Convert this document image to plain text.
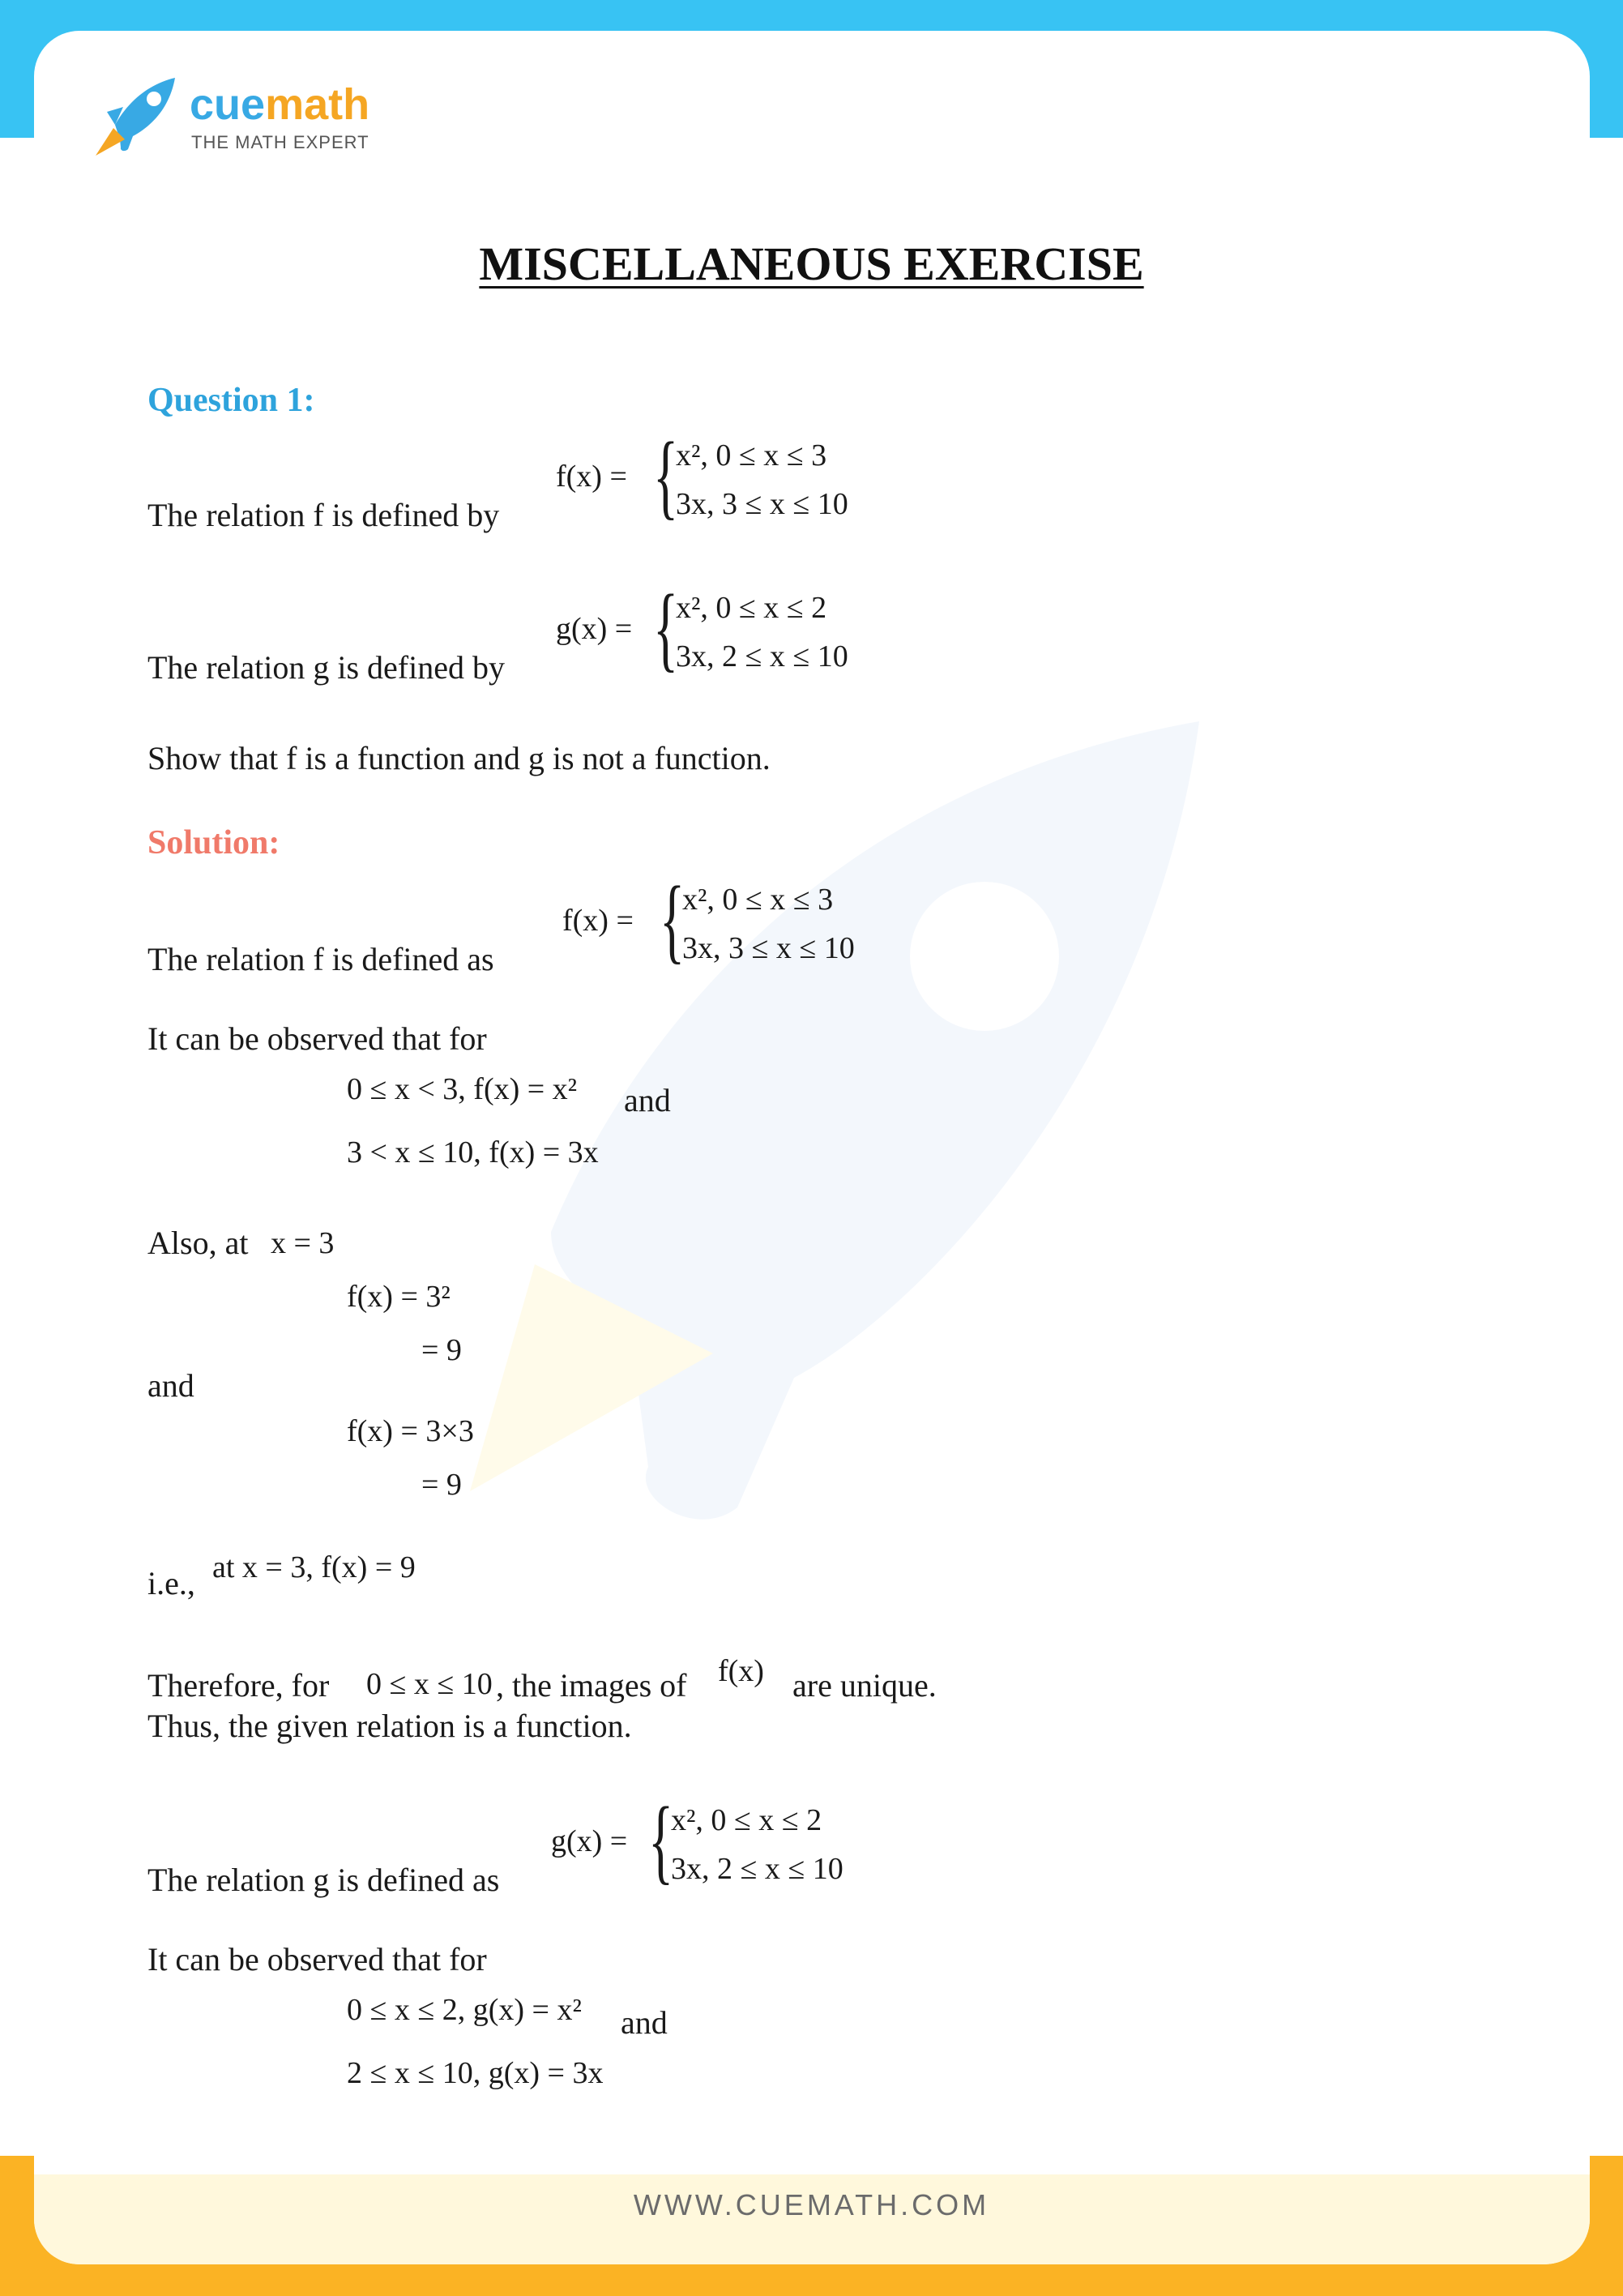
cuemath
THE MATH EXPERT
MISCELLANEOUS EXERCISE
Question 1:
The relation f is defined by
f(x) = {
x², 0 ≤ x ≤ 3
3x, 3 ≤ x ≤ 10
The relation g is defined by
g(x) = {
x², 0 ≤ x ≤ 2
3x, 2 ≤ x ≤ 10
Show that f is a function and g is not a function.
Solution:
The relation f is defined as
f(x) = {
x², 0 ≤ x ≤ 3
3x, 3 ≤ x ≤ 10
It can be observed that for
0 ≤ x < 3, f(x) = x² and
3 < x ≤ 10, f(x) = 3x
Also, at x = 3
f(x) = 3²
= 9
and
f(x) = 3×3
= 9
i.e., at x = 3, f(x) = 9
Therefore, for 0 ≤ x ≤ 10 , the images of f(x) are unique.
Thus, the given relation is a function.
The relation g is defined as
g(x) = {
x², 0 ≤ x ≤ 2
3x, 2 ≤ x ≤ 10
It can be observed that for
0 ≤ x ≤ 2, g(x) = x² and
2 ≤ x ≤ 10, g(x) = 3x
WWW.CUEMATH.COM
